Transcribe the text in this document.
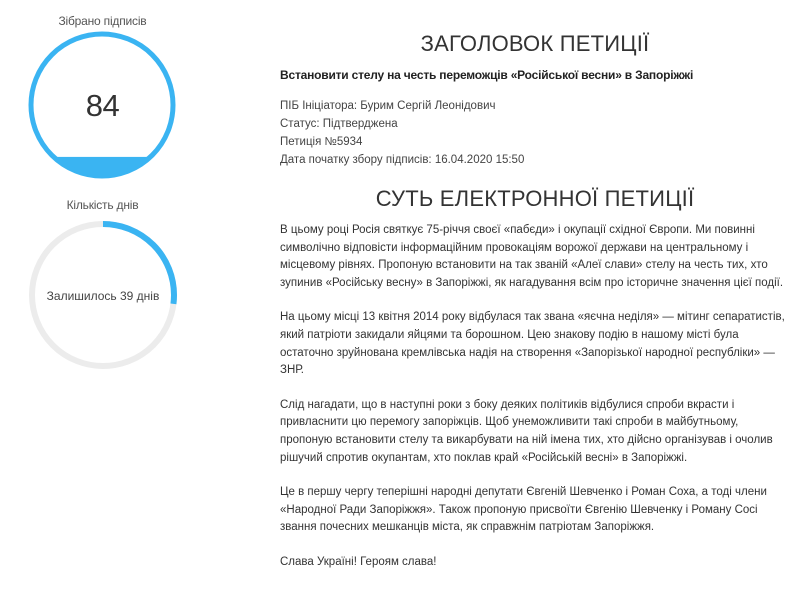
Зібрано підписів
84
Кількість днів
Залишилось 39 днів
ЗАГОЛОВОК ПЕТИЦІЇ
Встановити стелу на честь переможців «Російської весни» в Запоріжжі
ПІБ Ініціатора: Бурим Сергій Леонідович
Статус: Підтверджена
Петиція №5934
Дата початку збору підписів: 16.04.2020 15:50
СУТЬ ЕЛЕКТРОННОЇ ПЕТИЦІЇ

В цьому році Росія святкує 75-річчя своєї «пабєди» і окупації східної Європи. Ми повинні символічно відповісти інформаційним провокаціям ворожої держави на центральному і місцевому рівнях. Пропоную встановити на так званій «Алеї слави» стелу на честь тих, хто зупинив «Російську весну» в Запоріжжі, як нагадування всім про історичне значення цієї події.

На цьому місці 13 квітня 2014 року відбулася так звана «яєчна неділя» — мітинг сепаратистів, який патріоти закидали яйцями та борошном. Цею знакову подію в нашому місті була остаточно зруйнована кремлівська надія на створення «Запорізької народної республіки» — ЗНР.

Слід нагадати, що в наступні роки з боку деяких політиків відбулися спроби вкрасти і привласнити цю перемогу запоріжців. Щоб унеможливити такі спроби в майбутньому, пропоную встановити стелу та викарбувати на ній імена тих, хто дійсно організував і очолив рішучий спротив окупантам, хто поклав край «Російській весні» в Запоріжжі.

Це в першу чергу теперішні народні депутати Євгеній Шевченко і Роман Соха, а тоді члени «Народної Ради Запоріжжя». Також пропоную присвоїти Євгенію Шевченку і Роману Сосі звання почесних мешканців міста, як справжнім патріотам Запоріжжя.

Слава Україні! Героям слава!
